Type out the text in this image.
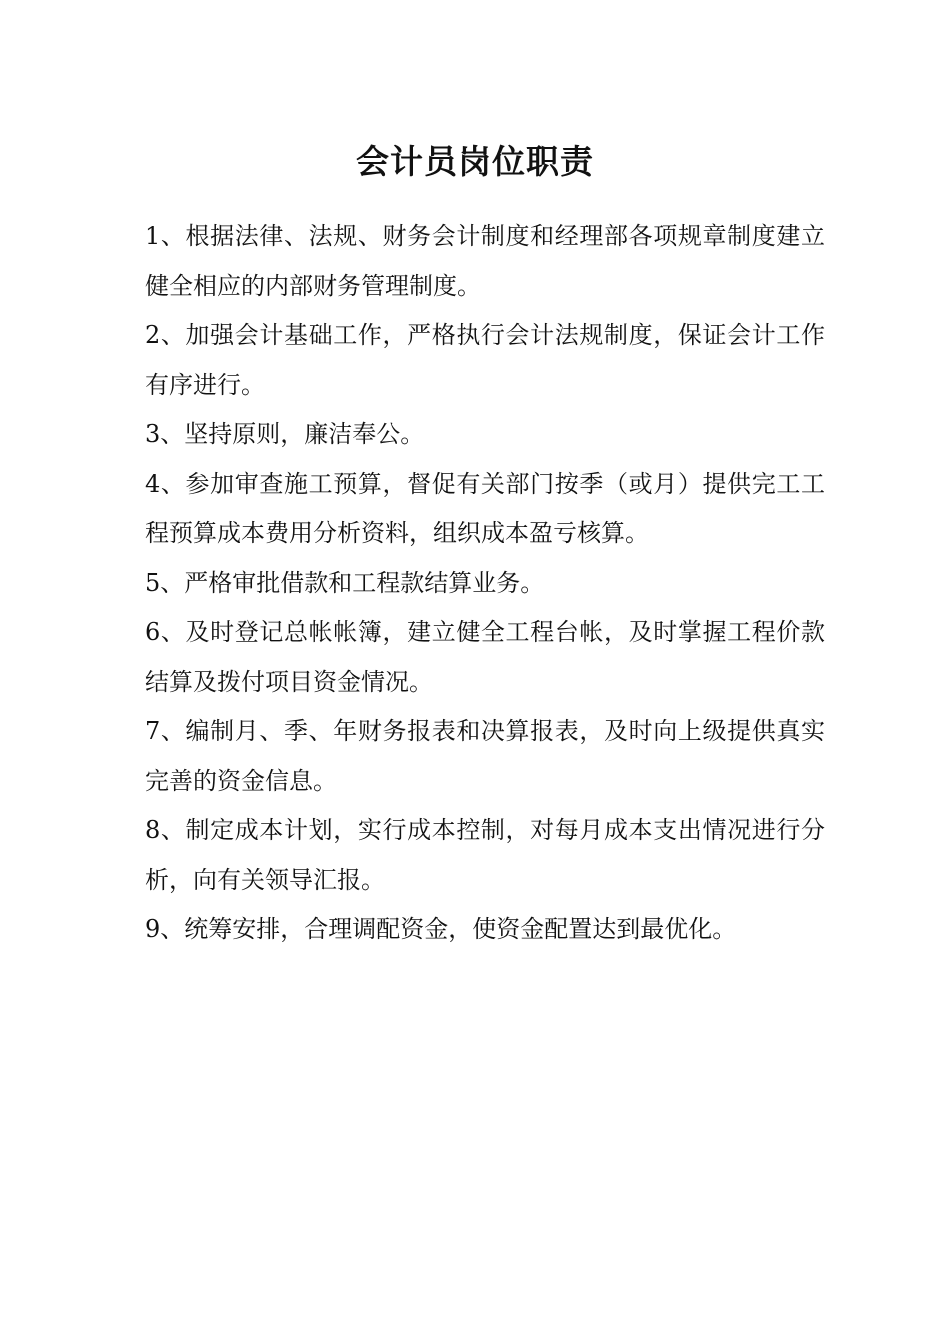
会计员岗位职责
1、根据法律、法规、财务会计制度和经理部各项规章制度建立健全相应的内部财务管理制度。
2、加强会计基础工作，严格执行会计法规制度，保证会计工作有序进行。
3、坚持原则，廉洁奉公。
4、参加审查施工预算，督促有关部门按季（或月）提供完工工程预算成本费用分析资料，组织成本盈亏核算。
5、严格审批借款和工程款结算业务。
6、及时登记总帐帐簿，建立健全工程台帐，及时掌握工程价款结算及拨付项目资金情况。
7、编制月、季、年财务报表和决算报表，及时向上级提供真实完善的资金信息。
8、制定成本计划，实行成本控制，对每月成本支出情况进行分析，向有关领导汇报。
9、统筹安排，合理调配资金，使资金配置达到最优化。
